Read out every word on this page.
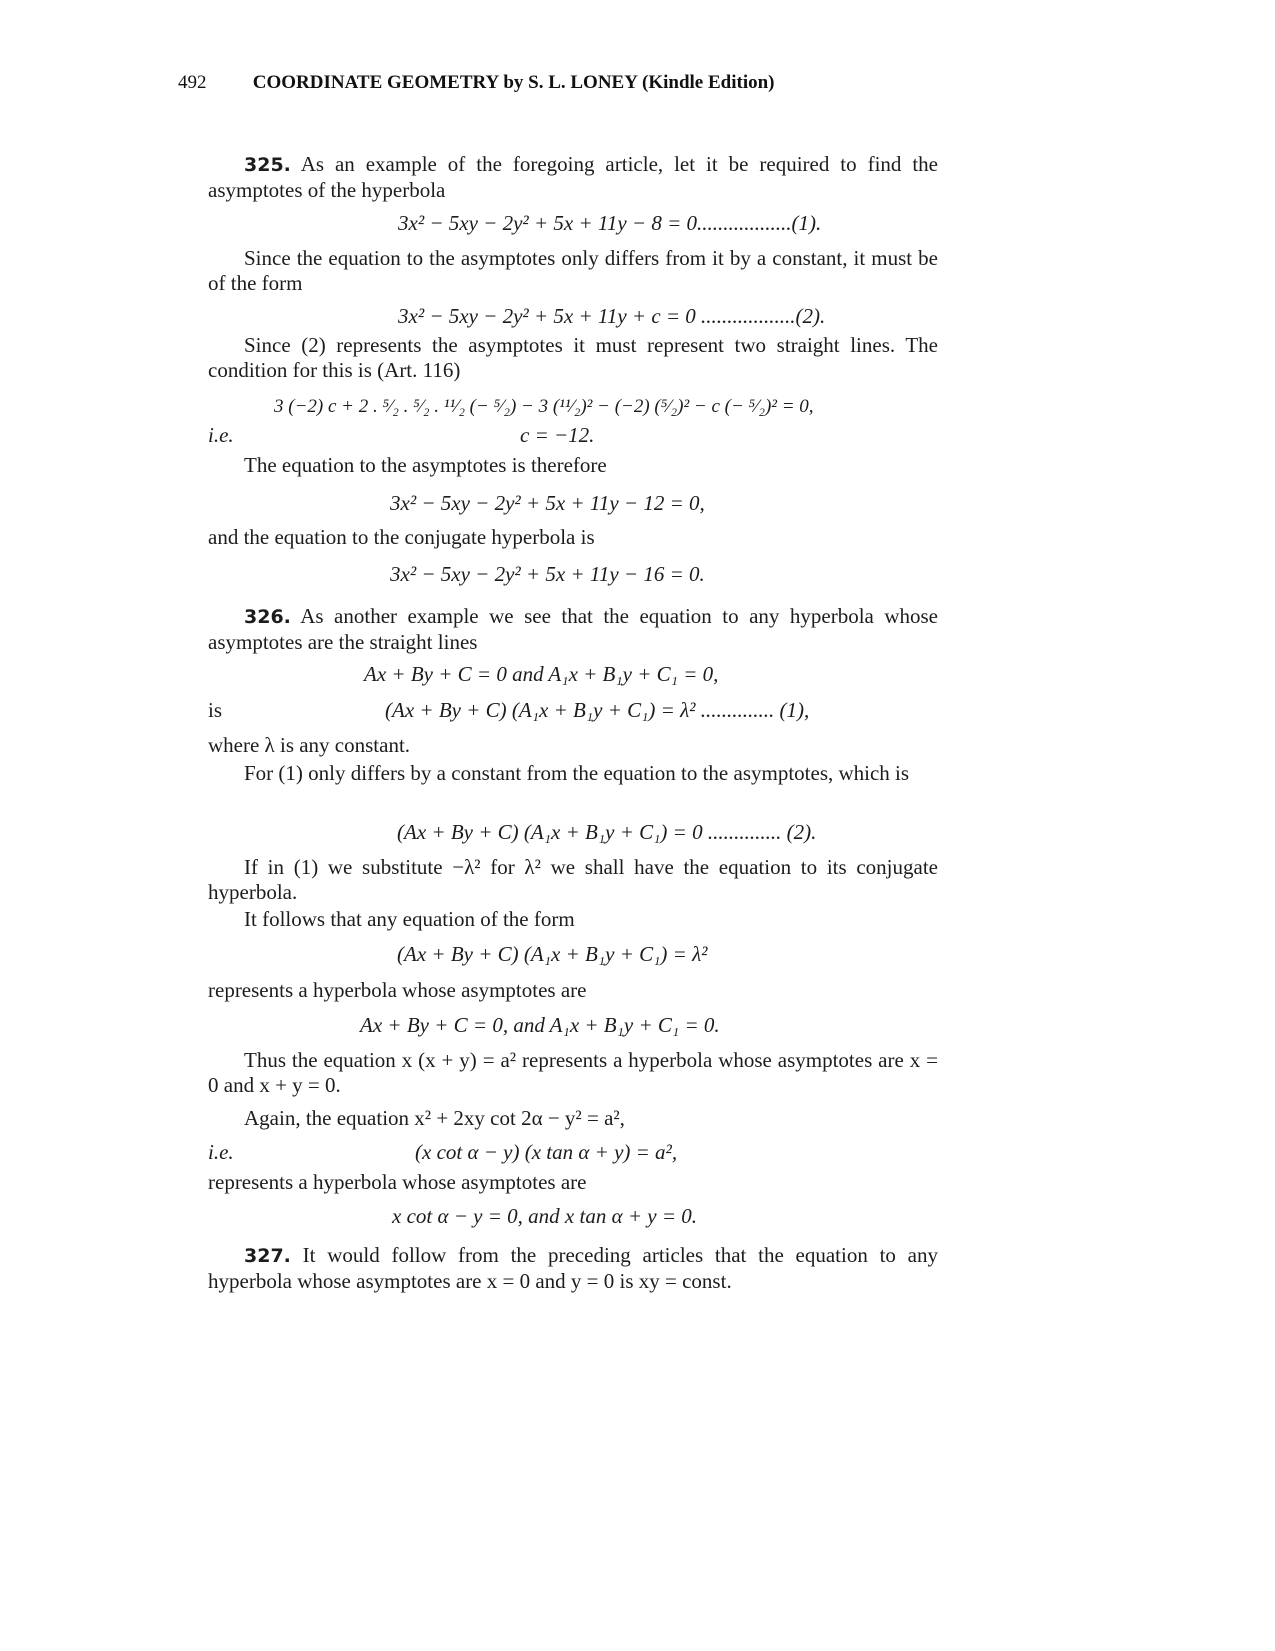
492 COORDINATE GEOMETRY by S. L. LONEY (Kindle Edition)
325. As an example of the foregoing article, let it be required to find the asymptotes of the hyperbola
3x² − 5xy − 2y² + 5x + 11y − 8 = 0..................(1).
Since the equation to the asymptotes only differs from it by a constant, it must be of the form
3x² − 5xy − 2y² + 5x + 11y + c = 0 ..................(2).
Since (2) represents the asymptotes it must represent two straight lines. The condition for this is (Art. 116)
3 (−2) c + 2 . ⁵⁄₂ . ⁵⁄₂ . ¹¹⁄₂ (− ⁵⁄₂) − 3 (¹¹⁄₂)² − (−2) (⁵⁄₂)² − c (− ⁵⁄₂)² = 0,
i.e.	c = −12.
The equation to the asymptotes is therefore
3x² − 5xy − 2y² + 5x + 11y − 12 = 0,
and the equation to the conjugate hyperbola is
3x² − 5xy − 2y² + 5x + 11y − 16 = 0.
326. As another example we see that the equation to any hyperbola whose asymptotes are the straight lines
Ax + By + C = 0 and A₁x + B₁y + C₁ = 0,
is	(Ax + By + C) (A₁x + B₁y + C₁) = λ² .............. (1),
where λ is any constant.
For (1) only differs by a constant from the equation to the asymptotes, which is
(Ax + By + C) (A₁x + B₁y + C₁) = 0 .............. (2).
If in (1) we substitute −λ² for λ² we shall have the equation to its conjugate hyperbola.
It follows that any equation of the form
(Ax + By + C) (A₁x + B₁y + C₁) = λ²
represents a hyperbola whose asymptotes are
Ax + By + C = 0, and A₁x + B₁y + C₁ = 0.
Thus the equation x (x + y) = a² represents a hyperbola whose asymptotes are x = 0 and x + y = 0.
Again, the equation x² + 2xy cot 2α − y² = a²,
i.e.	(x cot α − y) (x tan α + y) = a²,
represents a hyperbola whose asymptotes are
x cot α − y = 0, and x tan α + y = 0.
327. It would follow from the preceding articles that the equation to any hyperbola whose asymptotes are x = 0 and y = 0 is xy = const.
